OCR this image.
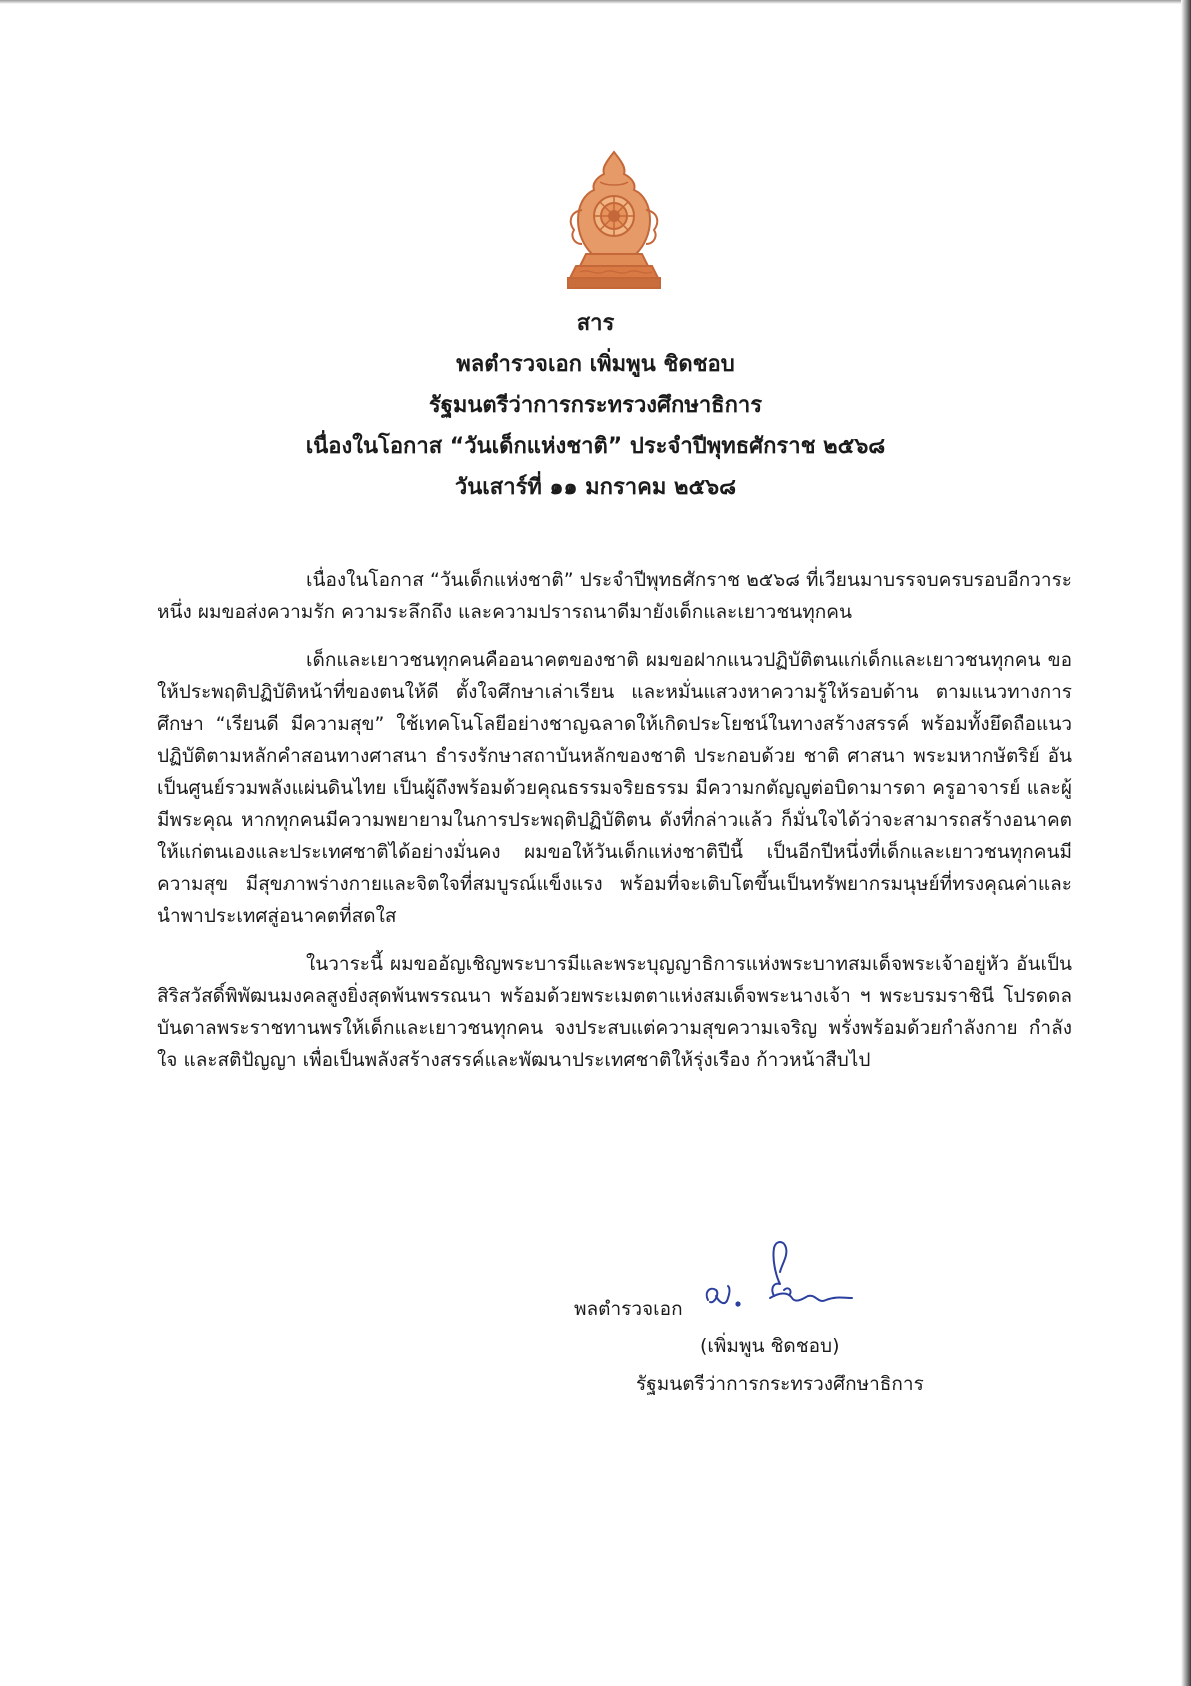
สาร
พลตำรวจเอก เพิ่มพูน ชิดชอบ
รัฐมนตรีว่าการกระทรวงศึกษาธิการ
เนื่องในโอกาส “วันเด็กแห่งชาติ” ประจำปีพุทธศักราช ๒๕๖๘
วันเสาร์ที่ ๑๑ มกราคม ๒๕๖๘

เนื่องในโอกาส “วันเด็กแห่งชาติ” ประจำปีพุทธศักราช ๒๕๖๘ ที่เวียนมาบรรจบครบรอบอีกวาระหนึ่ง ผมขอส่งความรัก ความระลึกถึง และความปรารถนาดีมายังเด็กและเยาวชนทุกคน

เด็กและเยาวชนทุกคนคืออนาคตของชาติ ผมขอฝากแนวปฏิบัติตนแก่เด็กและเยาวชนทุกคน ขอให้ประพฤติปฏิบัติหน้าที่ของตนให้ดี ตั้งใจศึกษาเล่าเรียน และหมั่นแสวงหาความรู้ให้รอบด้าน ตามแนวทางการศึกษา “เรียนดี มีความสุข” ใช้เทคโนโลยีอย่างชาญฉลาดให้เกิดประโยชน์ในทางสร้างสรรค์ พร้อมทั้งยึดถือแนวปฏิบัติตามหลักคำสอนทางศาสนา ธำรงรักษาสถาบันหลักของชาติ ประกอบด้วย ชาติ ศาสนา พระมหากษัตริย์ อันเป็นศูนย์รวมพลังแผ่นดินไทย เป็นผู้ถึงพร้อมด้วยคุณธรรมจริยธรรม มีความกตัญญูต่อบิดามารดา ครูอาจารย์ และผู้มีพระคุณ หากทุกคนมีความพยายามในการประพฤติปฏิบัติตน ดังที่กล่าวแล้ว ก็มั่นใจได้ว่าจะสามารถสร้างอนาคตให้แก่ตนเองและประเทศชาติได้อย่างมั่นคง ผมขอให้วันเด็กแห่งชาติปีนี้ เป็นอีกปีหนึ่งที่เด็กและเยาวชนทุกคนมีความสุข มีสุขภาพร่างกายและจิตใจที่สมบูรณ์แข็งแรง พร้อมที่จะเติบโตขึ้นเป็นทรัพยากรมนุษย์ที่ทรงคุณค่าและนำพาประเทศสู่อนาคตที่สดใส

ในวาระนี้ ผมขออัญเชิญพระบารมีและพระบุญญาธิการแห่งพระบาทสมเด็จพระเจ้าอยู่หัว อันเป็นสิริสวัสดิ์พิพัฒนมงคลสูงยิ่งสุดพ้นพรรณนา พร้อมด้วยพระเมตตาแห่งสมเด็จพระนางเจ้า ฯ พระบรมราชินี โปรดดลบันดาลพระราชทานพรให้เด็กและเยาวชนทุกคน จงประสบแต่ความสุขความเจริญ พรั่งพร้อมด้วยกำลังกาย กำลังใจ และสติปัญญา เพื่อเป็นพลังสร้างสรรค์และพัฒนาประเทศชาติให้รุ่งเรือง ก้าวหน้าสืบไป

พลตำรวจเอก
(เพิ่มพูน ชิดชอบ)
รัฐมนตรีว่าการกระทรวงศึกษาธิการ
